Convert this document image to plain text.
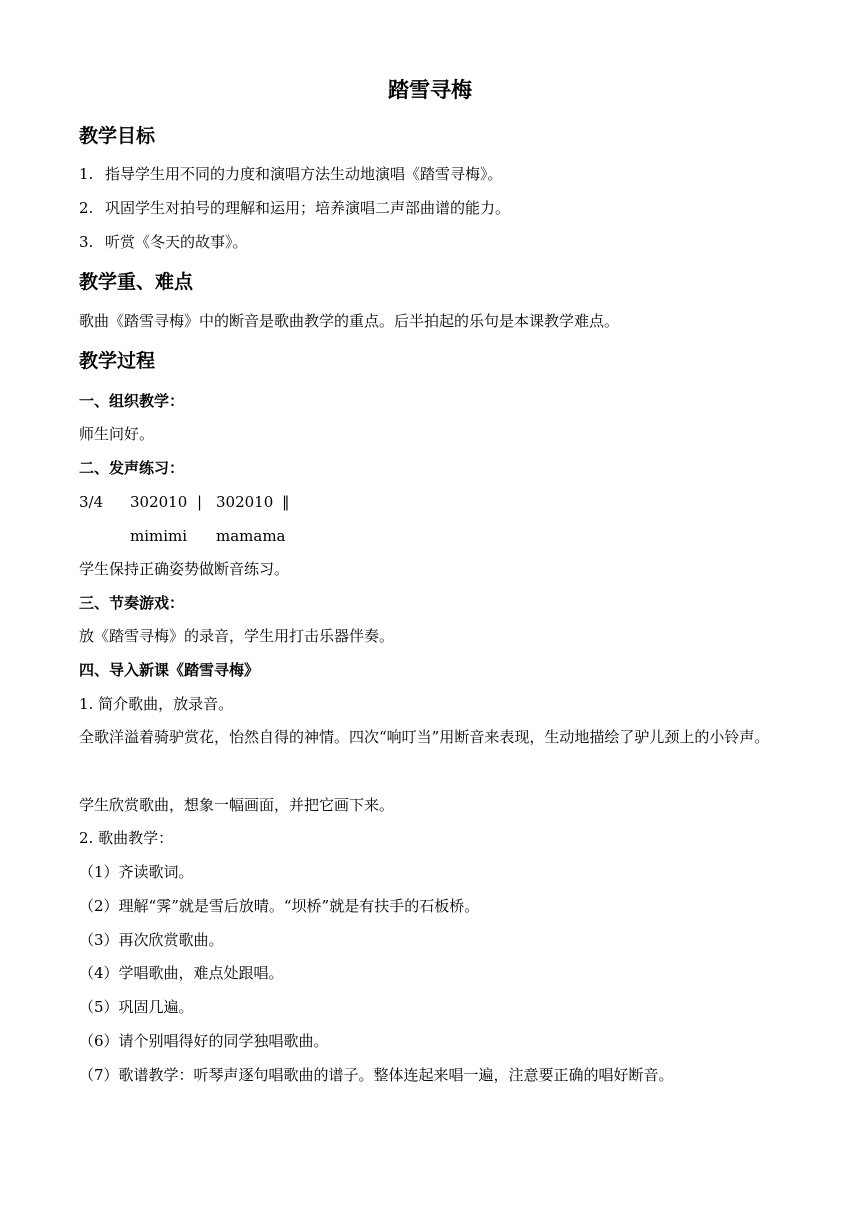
踏雪寻梅
教学目标
1. 指导学生用不同的力度和演唱方法生动地演唱《踏雪寻梅》。
2. 巩固学生对拍号的理解和运用；培养演唱二声部曲谱的能力。
3. 听赏《冬天的故事》。
教学重、难点
歌曲《踏雪寻梅》中的断音是歌曲教学的重点。后半拍起的乐句是本课教学难点。
教学过程
一、组织教学：
师生问好。
二、发声练习：
3/4 302010 | 302010 ‖
mimimi mamama
学生保持正确姿势做断音练习。
三、节奏游戏：
放《踏雪寻梅》的录音，学生用打击乐器伴奏。
四、导入新课《踏雪寻梅》
1. 简介歌曲，放录音。
全歌洋溢着骑驴赏花，怡然自得的神情。四次“响叮当”用断音来表现，生动地描绘了驴儿颈上的小铃声。
学生欣赏歌曲，想象一幅画面，并把它画下来。
2. 歌曲教学：
（1）齐读歌词。
（2）理解“霁”就是雪后放晴。“坝桥”就是有扶手的石板桥。
（3）再次欣赏歌曲。
（4）学唱歌曲，难点处跟唱。
（5）巩固几遍。
（6）请个别唱得好的同学独唱歌曲。
（7）歌谱教学：听琴声逐句唱歌曲的谱子。整体连起来唱一遍，注意要正确的唱好断音。
